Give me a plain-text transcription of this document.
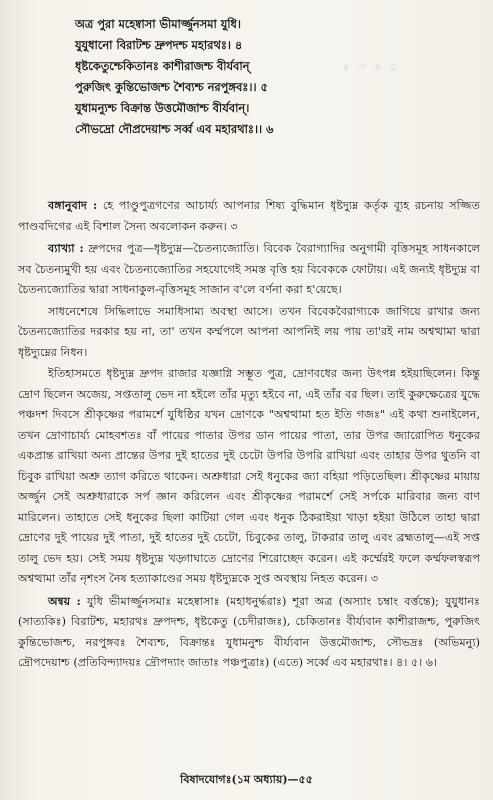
৫ ৩ ৪ ৫
অত্র পুরা মহেষ্বাসা ভীমার্জ্জুনসমা যুধি।
যুযুধানো বিরাটশ্চ দ্রুপদশ্চ মহারথঃ। ৪
ধৃষ্টকেতুশ্চেকিতানঃ কাশীরাজশ্চ বীর্যবান্‌
পুরুজিৎ কুন্তিভোজশ্চ শৈব্যশ্চ নরপুঙ্গবঃ।। ৫
যুধামন্যুশ্চ বিক্রান্ত উত্তমৌজাশ্চ বীর্যবান্‌।
সৌভদ্রো দৌপ্রদেয়াশ্চ সর্ব্ব এব মহারথাঃ।। ৬

বঙ্গানুবাদ : হে পাণ্ডুপুত্রগণের আচার্য্য আপনার শিষ্য বুদ্ধিমান ধৃষ্টদ্যুম্ন কর্তৃক ব্যূহ রচনায় সজ্জিত পাণ্ডবদিগের এই বিশাল সৈন্য অবলোকন করুন। ৩

ব্যাখ্যা : দ্রুপদের পুত্র—ধৃষ্টদ্যুম্ন—চৈতন্যজ্যোতি। বিবেক বৈরাগ্যাদির অনুগামী বৃত্তিসমূহ সাধনকালে সব চৈতন্যমুখী হয় এবং চৈতন্যজ্যোতির সহযোগেই সমস্ত বৃত্তি হয় বিবেককে ফোটায়। এই জন্যই ধৃষ্টদ্যুম্ন বা চৈতন্যজ্যোতির দ্বারা সাধনাকুল-বৃত্তিসমূহ সাজান ব'লে বর্ণনা করা হ'য়েছে।

সাধনেশেষে সিদ্ধিলাভে সমাধিসাম্য অবস্থা আসে। তখন বিবেকবৈরাগ্যকে জাগিয়ে রাখার জন্য চৈতন্যজ্যোতির দরকার হয় না, তা' তখন কর্ম্মপলে আপনা আপনিই লয় পায় তা'রই নাম অশ্বত্থামা দ্বারা ধৃষ্টদ্যুম্নের নিধন।

ইতিহাসমতে ধৃষ্টদ্যুম্ন দ্রুপদ রাজার যজ্ঞাগ্নি সম্ভূত পুত্র, দ্রোণবধের জন্য উৎপন্ন হইয়াছিলেন। কিন্তু দ্রোণ ছিলেন অজেয়, সপ্ততালু ভেদ না হইলে তাঁর মৃত্যু হইবে না, এই তাঁর বর ছিল। তাই কুরুক্ষেত্রের যুদ্ধে পঞ্চদশ দিবসে শ্রীকৃষ্ণের পরামর্শে যুধিষ্ঠির যখন দ্রোণকে "অশ্বত্থামা হত ইতি গজঃ" এই কথা শুনাইলেন, তখন দ্রোণাচার্য্য মোহবশতঃ বাঁ পায়ের পাতার উপর ডান পায়ের পাতা, তার উপর জ্যারোপিত ধনুকের একপ্রান্ত রাখিয়া অন্য প্রান্তের উপর দুই হাতের দুই চেটো উপরি উপরি রাখিয়া এবং তাহার উপর থুতনি বা চিবুক রাখিয়া অশ্রু ত্যাগ করিতে থাকেন। অশ্রুধারা সেই ধনুকের জ্যা বহিয়া পড়িতেছিল। শ্রীকৃষ্ণের মায়ায় অর্জ্জুন সেই অশ্রুধারাকে সর্প জ্ঞান করিলেন এবং শ্রীকৃষ্ণের পরামর্শে সেই সর্পকে মারিবার জন্য বাণ মারিলেন। তাহাতে সেই ধনুকের ছিলা কাটিয়া গেল এবং ধনুক ঠিকরাইয়া খাড়া হইয়া উঠিলে তাহা দ্বারা দ্রোণের দুই পায়ের দুই পাতা, দুই হাতের দুই চেটো, চিবুকের তালু, টাকরার তালু এবং ব্রহ্মতালু—এই সপ্ত তালু ভেদ হয়। সেই সময় ধৃষ্টদ্যুম্ন খড়্গাঘাতে দ্রোণের শিরোচ্ছেদ করেন। এই কর্ম্মেরই ফলে কর্ম্মফলস্বরূপ অশ্বত্থামা তাঁর নৃশংস নৈষ হত্যাকাণ্ডের সময় ধৃষ্টদ্যুম্নকে সুপ্ত অবস্থায় নিহত করেন। ৩

অন্বয় : যুধি ভীমার্জ্জুনসমাঃ মহেষ্বাসাঃ (মহাধনুর্দ্ধরাঃ) শূরা অত্র (অস্যাং চম্বাং বর্ত্তন্তে); যুযুধানঃ (সাত্যকিঃ) বিরাটশ্চ, মহারথঃ দ্রুপদশ্চ, ধৃষ্টকেতু (চেদীরাজঃ), চেকিতানঃ বীর্য্যবান কাশীরাজশ্চ, পুরুজিৎ কুন্তিভোজশ্চ, নরপুঙ্গবঃ শৈব্যশ্চ, বিক্রান্তঃ যুধামনুশ্চ বীর্য্যবান উত্তমৌজাশ্চ, সৌভদ্রঃ (অভিমন্যু) দ্রৌপদেয়াশ্চ (প্রতিবিন্দ্যাদয়ঃ দ্রৌপদ্যাং জাতাঃ পঞ্চপুত্রাঃ) (এতে) সর্ব্বে এব মহারথাঃ। ৪। ৫। ৬।

বিষাদযোগঃ(১ম অধ্যায়)—৫৫
